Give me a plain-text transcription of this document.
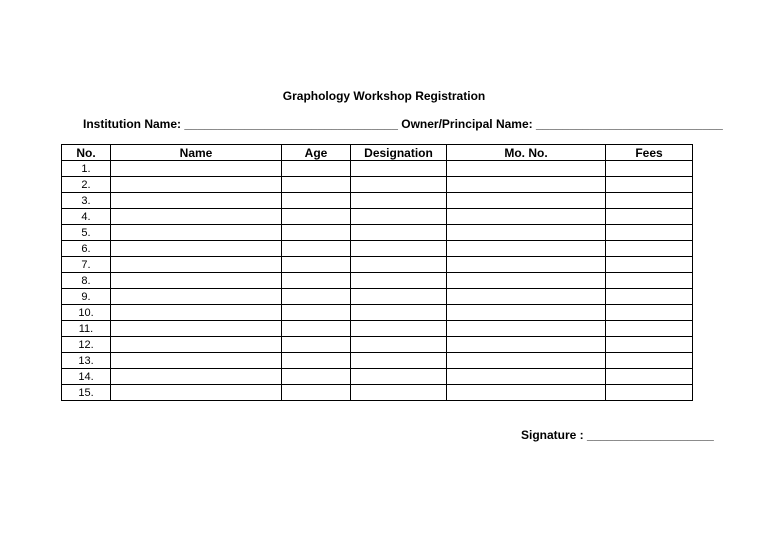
Graphology Workshop Registration
Institution Name: ________________________________ Owner/Principal Name: ____________________________
No.	Name	Age	Designation	Mo. No.	Fees
1.					
2.					
3.					
4.					
5.					
6.					
7.					
8.					
9.					
10.					
11.					
12.					
13.					
14.					
15.					
Signature : ___________________
